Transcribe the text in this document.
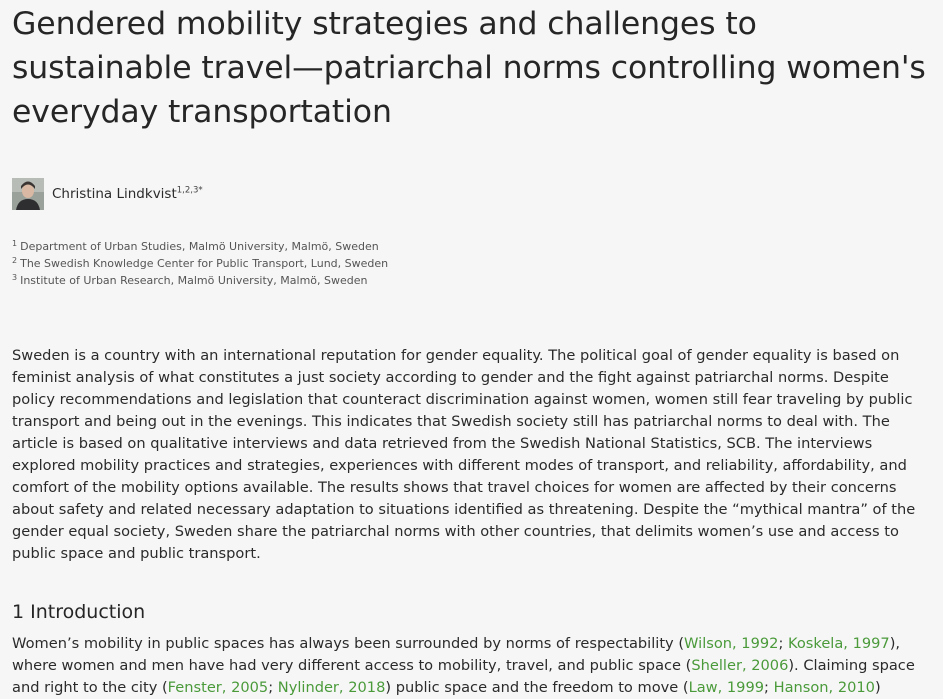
Gendered mobility strategies and challenges to sustainable travel—patriarchal norms controlling women's everyday transportation
Christina Lindkvist$^{1,2,3*}$
$^1$ Department of Urban Studies, Malmö University, Malmö, Sweden
$^2$ The Swedish Knowledge Center for Public Transport, Lund, Sweden
$^3$ Institute of Urban Research, Malmö University, Malmö, Sweden

Sweden is a country with an international reputation for gender equality. The political goal of gender equality is based on feminist analysis of what constitutes a just society according to gender and the fight against patriarchal norms. Despite policy recommendations and legislation that counteract discrimination against women, women still fear traveling by public transport and being out in the evenings. This indicates that Swedish society still has patriarchal norms to deal with. The article is based on qualitative interviews and data retrieved from the Swedish National Statistics, SCB. The interviews explored mobility practices and strategies, experiences with different modes of transport, and reliability, affordability, and comfort of the mobility options available. The results shows that travel choices for women are affected by their concerns about safety and related necessary adaptation to situations identified as threatening. Despite the “mythical mantra” of the gender equal society, Sweden share the patriarchal norms with other countries, that delimits women’s use and access to public space and public transport.

1 Introduction

Women’s mobility in public spaces has always been surrounded by norms of respectability (Wilson, 1992; Koskela, 1997), where women and men have had very different access to mobility, travel, and public space (Sheller, 2006). Claiming space and right to the city (Fenster, 2005; Nylinder, 2018) public space and the freedom to move (Law, 1999; Hanson, 2010)
